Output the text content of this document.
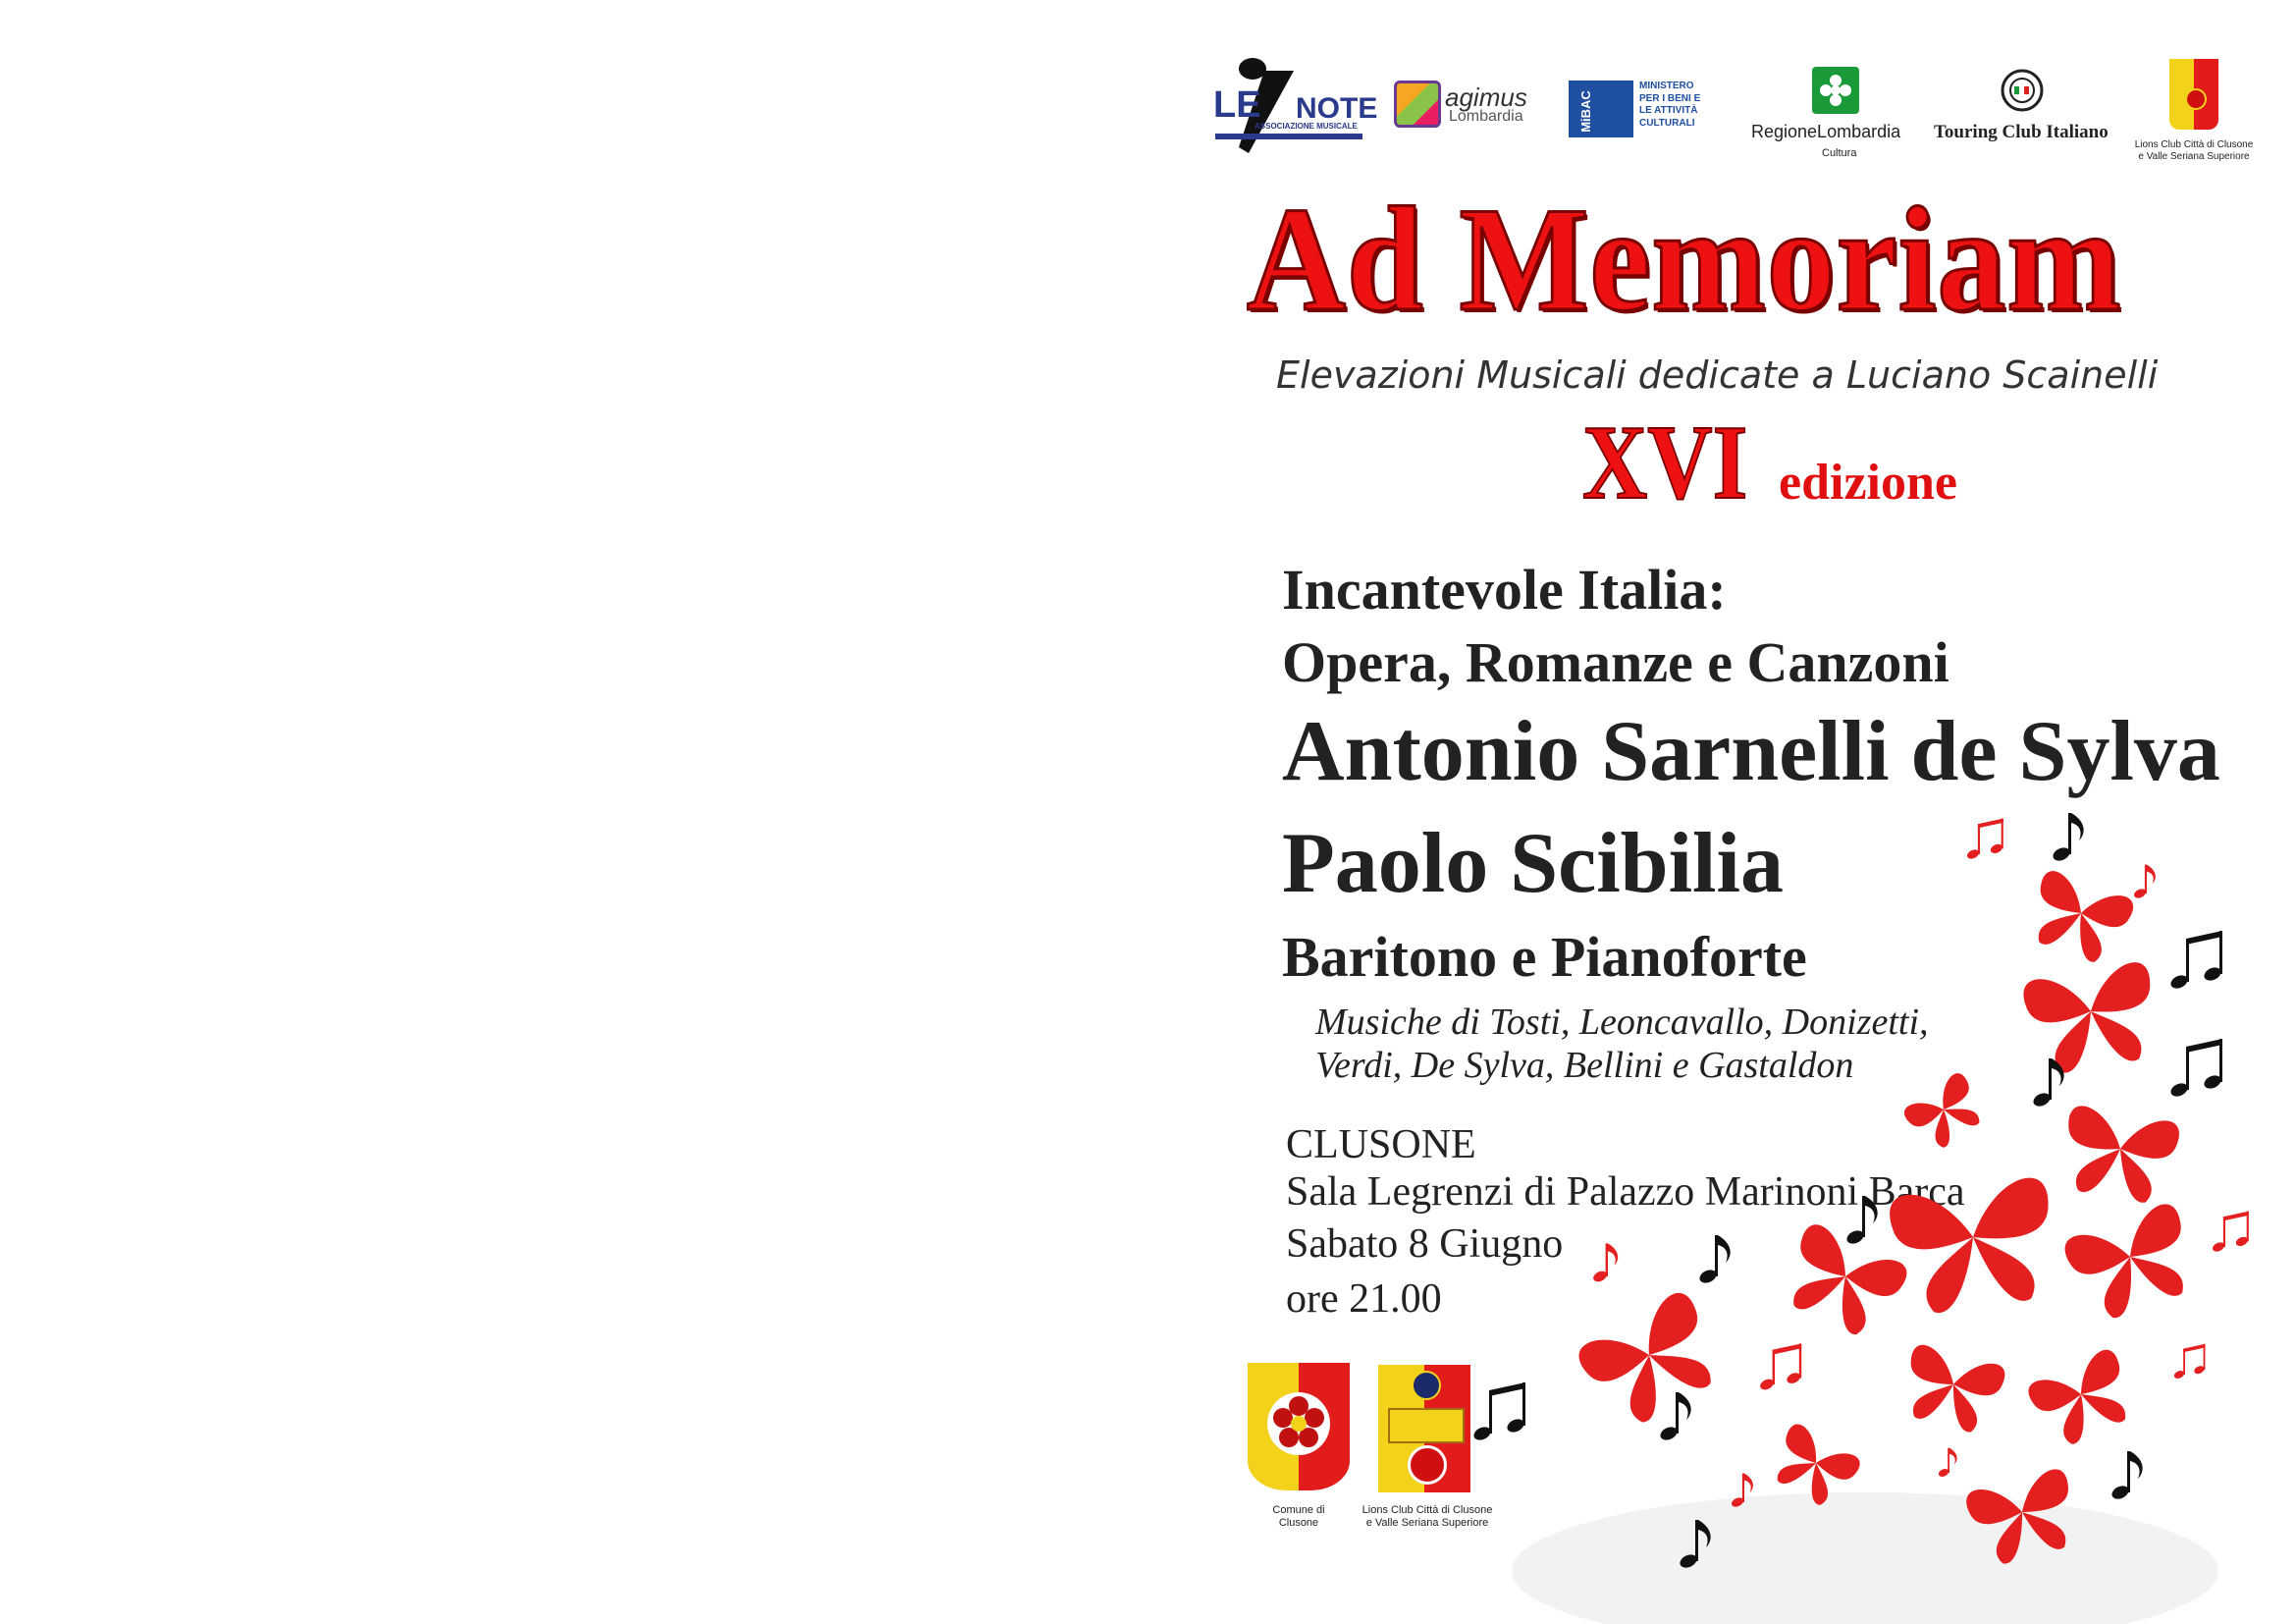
LE NOTE
ASSOCIAZIONE MUSICALE
agimus
Lombardia	MiBAC
MINISTERO
PER I BENI E
LE ATTIVITÀ
CULTURALI	RegioneLombardia
Cultura
Touring Club Italiano
Lions Club Città di Clusone
e Valle Seriana Superiore
Ad Memoriam
Elevazioni Musicali dedicate a Luciano Scainelli
XVI edizione
Incantevole Italia:
Opera, Romanze e Canzoni
Antonio Sarnelli de Sylva
Paolo Scibilia
Baritono e Pianoforte
Musiche di Tosti, Leoncavallo, Donizetti,
Verdi, De Sylva, Bellini e Gastaldon
CLUSONE
Sala Legrenzi di Palazzo Marinoni Barca
Sabato 8 Giugno
ore 21.00
Comune di
Clusone
Lions Club Città di Clusone
e Valle Seriana Superiore
